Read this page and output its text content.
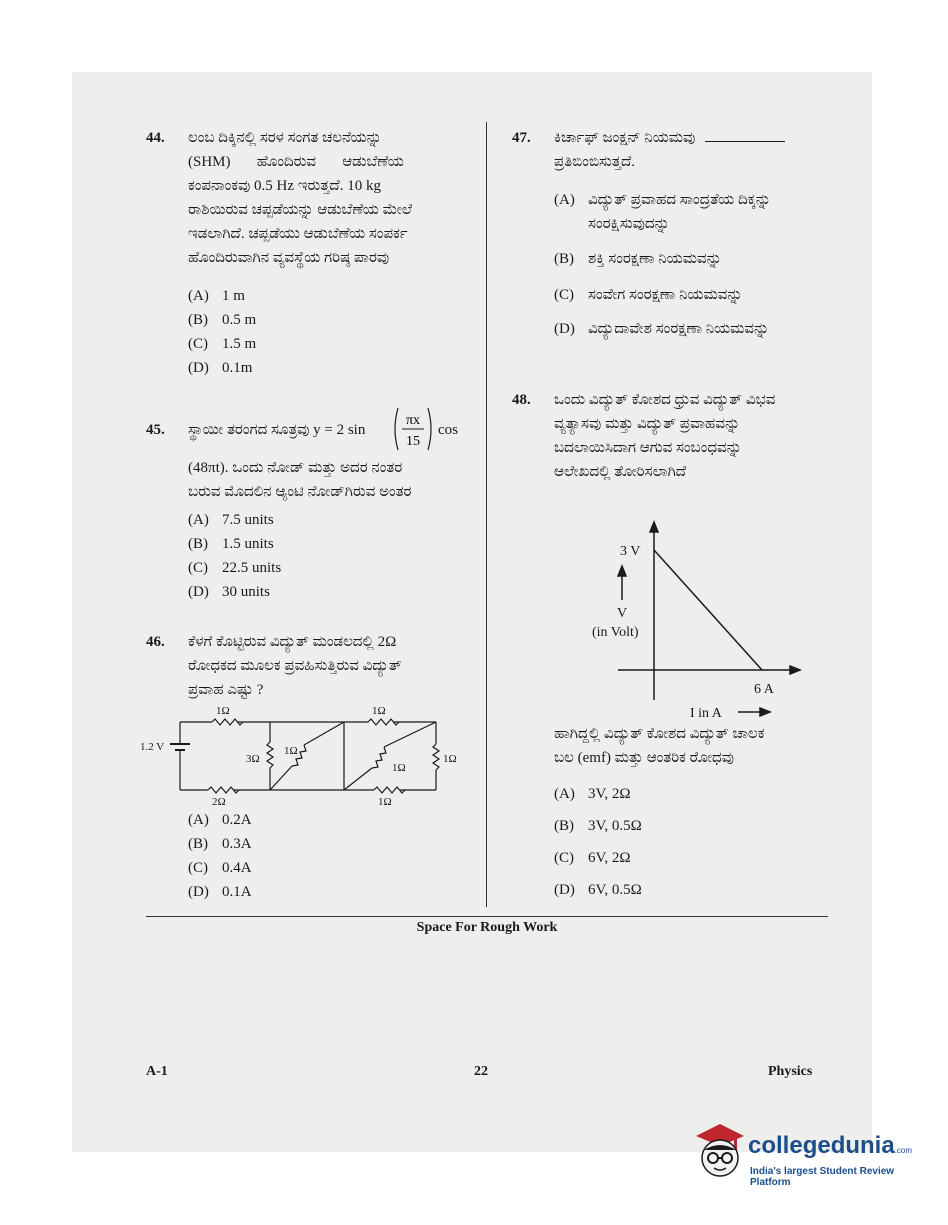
44. ಲಂಬ ದಿಕ್ಕಿನಲ್ಲಿ ಸರಳ ಸಂಗತ ಚಲನೆಯನ್ನು
(SHM)       ಹೊಂದಿರುವ       ಆಡುಬೆಣೆಯ
ಕಂಪನಾಂಕವು 0.5 Hz ಇರುತ್ತದೆ. 10 kg
ರಾಶಿಯಿರುವ ಚಪ್ಪಡೆಯನ್ನು ಆಡುಬೆಣೆಯ ಮೇಲೆ
ಇಡಲಾಗಿದೆ. ಚಪ್ಪಡೆಯು ಆಡುಬೆಣೆಯ ಸಂಪರ್ಕ
ಹೊಂದಿರುವಾಗಿನ ವ್ಯವಸ್ಥೆಯ ಗರಿಷ್ಠ ಪಾರವು
(A) 1 m
(B) 0.5 m
(C) 1.5 m
(D) 0.1m
45. ಸ್ಥಾಯೀ ತರಂಗದ ಸೂತ್ರವು y = 2 sin
πx
15
cos
(48πt). ಒಂದು ನೋಡ್ ಮತ್ತು ಅದರ ನಂತರ
ಬರುವ ಮೊದಲಿನ ಆ್ಯಂಟಿ ನೋಡ್‌ಗಿರುವ ಅಂತರ
(A) 7.5 units
(B) 1.5 units
(C) 22.5 units
(D) 30 units
46. ಕೆಳಗೆ ಕೊಟ್ಟಿರುವ ವಿದ್ಯುತ್ ಮಂಡಲದಲ್ಲಿ 2Ω
ರೋಧಕದ ಮೂಲಕ ಪ್ರವಹಿಸುತ್ತಿರುವ ವಿದ್ಯುತ್
ಪ್ರವಾಹ ಎಷ್ಟು ?
1.2 V
1Ω	1Ω
3Ω
1Ω
1Ω
1Ω
2Ω	1Ω
(A) 0.2A
(B) 0.3A
(C) 0.4A
(D) 0.1A
47. ಕಿರ್ಚಾಫ್ ಜಂಕ್ಷನ್ ನಿಯಮವು
ಪ್ರತಿಬಿಂಬಿಸುತ್ತದೆ.
(A) ವಿದ್ಯುತ್ ಪ್ರವಾಹದ ಸಾಂದ್ರತೆಯ ದಿಕ್ಕನ್ನು
ಸಂರಕ್ಷಿಸುವುದನ್ನು
(B) ಶಕ್ತಿ ಸಂರಕ್ಷಣಾ ನಿಯಮವನ್ನು
(C) ಸಂವೇಗ ಸಂರಕ್ಷಣಾ ನಿಯಮವನ್ನು
(D) ವಿದ್ಯುದಾವೇಶ ಸಂರಕ್ಷಣಾ ನಿಯಮವನ್ನು
48. ಒಂದು ವಿದ್ಯುತ್ ಕೋಶದ ಧ್ರುವ ವಿದ್ಯುತ್ ವಿಭವ
ವ್ಯತ್ಯಾಸವು ಮತ್ತು ವಿದ್ಯುತ್ ಪ್ರವಾಹವನ್ನು
ಬದಲಾಯಿಸಿದಾಗ ಆಗುವ ಸಂಬಂಧವನ್ನು
ಆಲೇಖದಲ್ಲಿ ತೋರಿಸಲಾಗಿದೆ
3 V
V
(in Volt)
6 A
I in A
ಹಾಗಿದ್ದಲ್ಲಿ ವಿದ್ಯುತ್ ಕೋಶದ ವಿದ್ಯುತ್ ಚಾಲಕ
ಬಲ (emf) ಮತ್ತು ಆಂತರಿಕ ರೋಧವು
(A) 3V, 2Ω
(B) 3V, 0.5Ω
(C) 6V, 2Ω
(D) 6V, 0.5Ω
Space For Rough Work
A-1	22	Physics
collegedunia.com
India's largest Student Review Platform
